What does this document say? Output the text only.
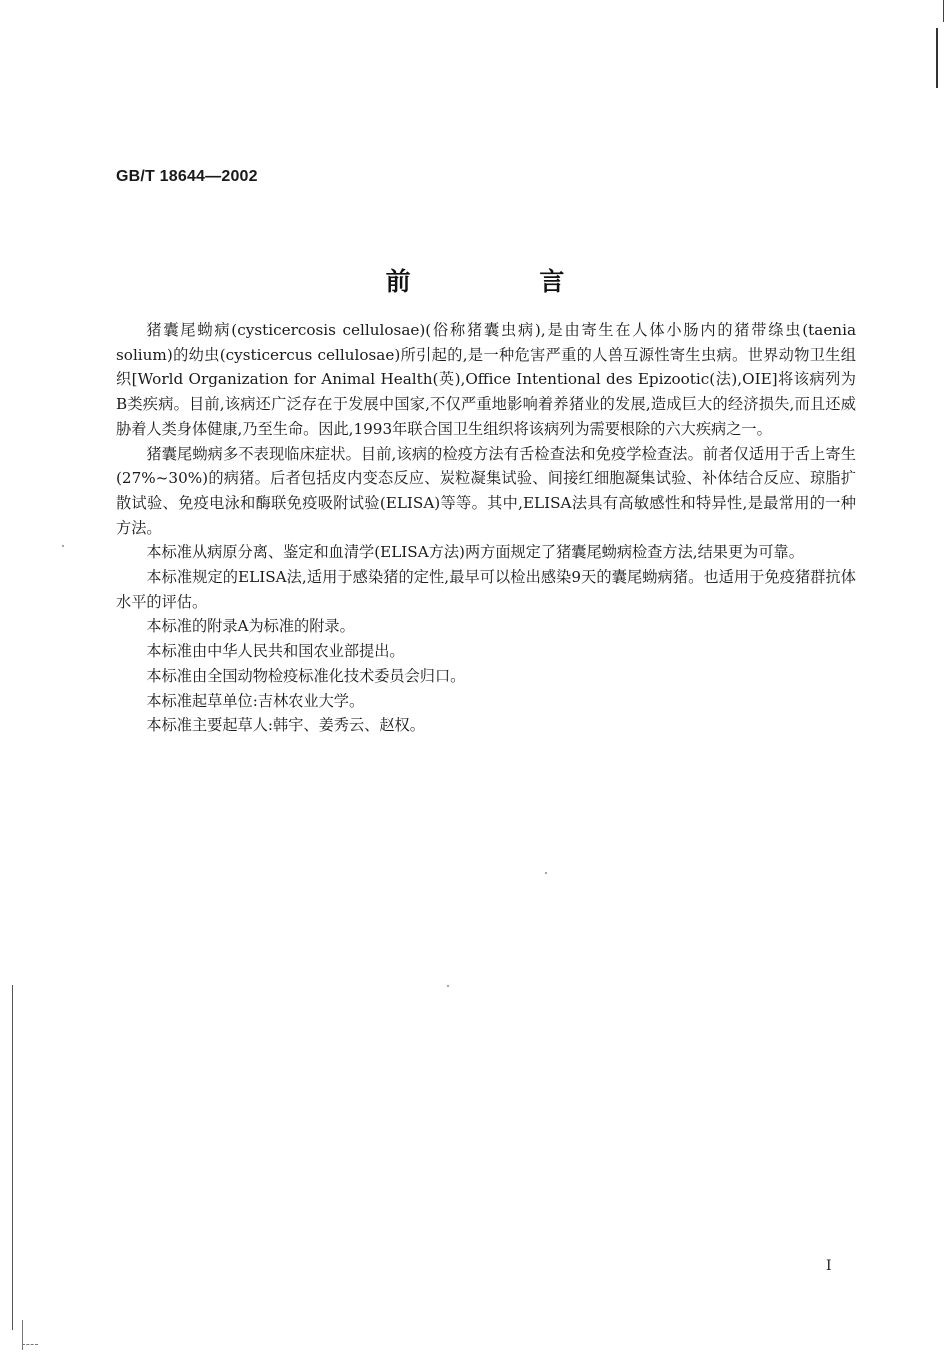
GB/T 18644—2002
前 言

猪囊尾蚴病(cysticercosis cellulosae)(俗称猪囊虫病),是由寄生在人体小肠内的猪带绦虫(taenia solium)的幼虫(cysticercus cellulosae)所引起的,是一种危害严重的人兽互源性寄生虫病。世界动物卫生组织[World Organization for Animal Health(英),Office Intentional des Epizootic(法),OIE]将该病列为B类疾病。目前,该病还广泛存在于发展中国家,不仅严重地影响着养猪业的发展,造成巨大的经济损失,而且还威胁着人类身体健康,乃至生命。因此,1993年联合国卫生组织将该病列为需要根除的六大疾病之一。

猪囊尾蚴病多不表现临床症状。目前,该病的检疫方法有舌检查法和免疫学检查法。前者仅适用于舌上寄生(27%~30%)的病猪。后者包括皮内变态反应、炭粒凝集试验、间接红细胞凝集试验、补体结合反应、琼脂扩散试验、免疫电泳和酶联免疫吸附试验(ELISA)等等。其中,ELISA法具有高敏感性和特异性,是最常用的一种方法。

本标准从病原分离、鉴定和血清学(ELISA方法)两方面规定了猪囊尾蚴病检查方法,结果更为可靠。

本标准规定的ELISA法,适用于感染猪的定性,最早可以检出感染9天的囊尾蚴病猪。也适用于免疫猪群抗体水平的评估。

本标准的附录A为标准的附录。

本标准由中华人民共和国农业部提出。

本标准由全国动物检疫标准化技术委员会归口。

本标准起草单位:吉林农业大学。

本标准主要起草人:韩宇、姜秀云、赵权。

I
